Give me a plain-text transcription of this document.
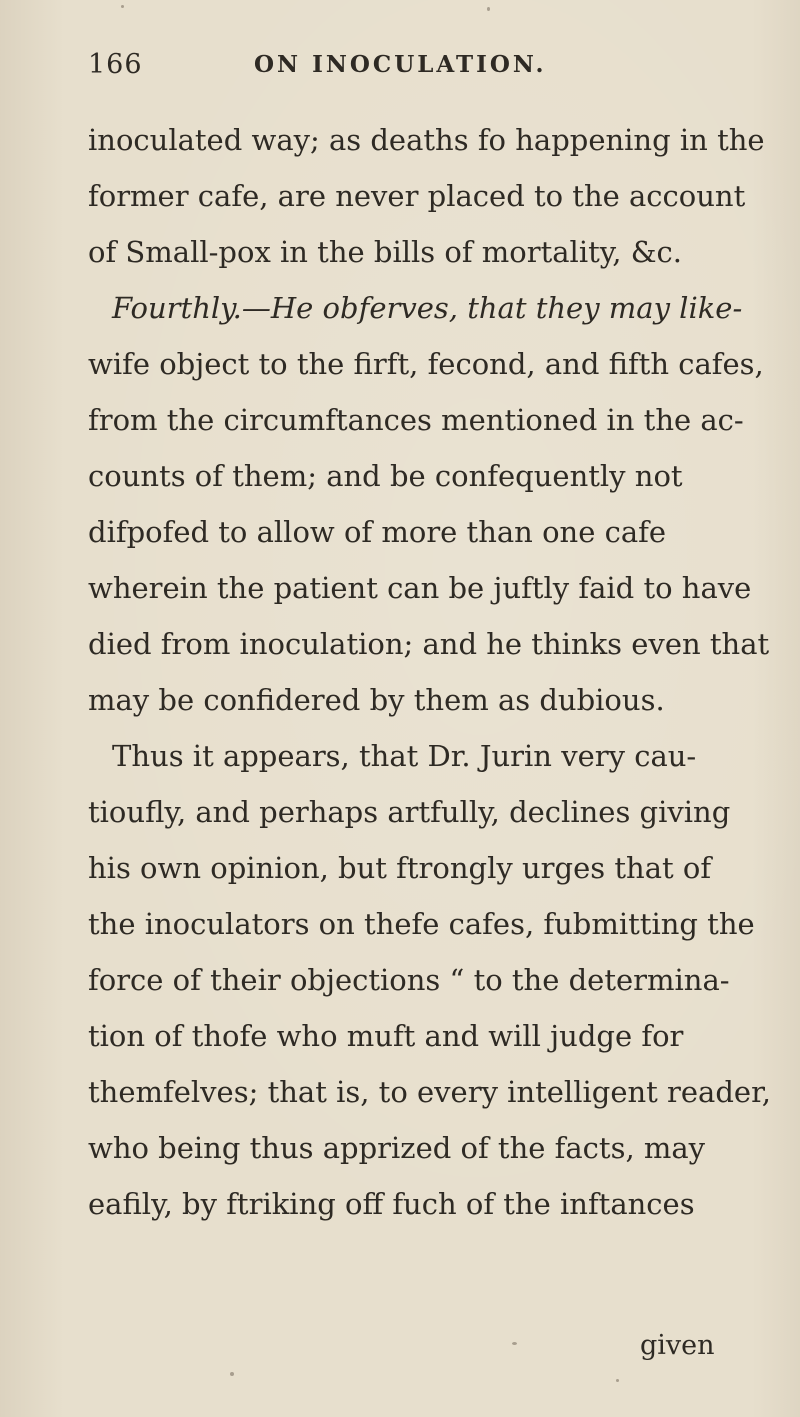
166	ON INOCULATION.
inoculated way; as deaths fo happening in the
former cafe, are never placed to the account
of Small-pox in the bills of mortality, &c.
Fourthly.—He obferves, that they may like-
wife object to the firft, fecond, and fifth cafes,
from the circumftances mentioned in the ac-
counts of them; and be confequently not
difpofed to allow of more than one cafe
wherein the patient can be juftly faid to have
died from inoculation; and he thinks even that
may be confidered by them as dubious.
Thus it appears, that Dr. Jurin very cau-
tioufly, and perhaps artfully, declines giving
his own opinion, but ftrongly urges that of
the inoculators on thefe cafes, fubmitting the
force of their objections “ to the determina-
tion of thofe who muft and will judge for
themfelves; that is, to every intelligent reader,
who being thus apprized of the facts, may
eafily, by ftriking off fuch of the inftances
given
